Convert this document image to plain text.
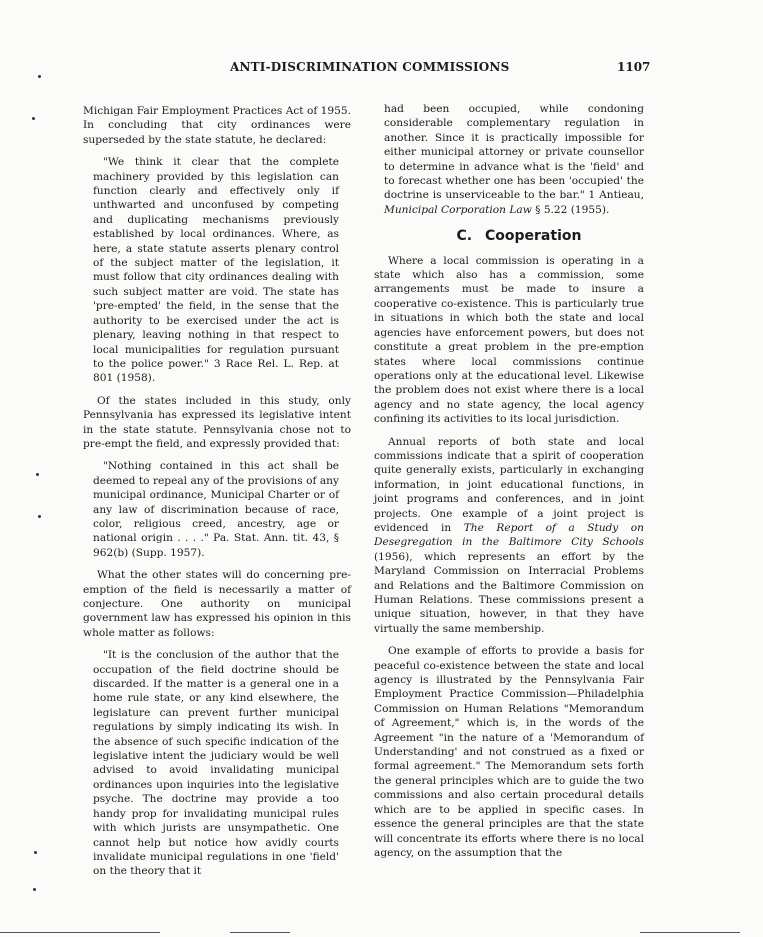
ANTI-DISCRIMINATION COMMISSIONS	1107

Michigan Fair Employment Practices Act of 1955. In concluding that city ordinances were superseded by the state statute, he declared:

"We think it clear that the complete machinery provided by this legislation can function clearly and effectively only if unthwarted and unconfused by competing and duplicating mechanisms previously established by local ordinances. Where, as here, a state statute asserts plenary control of the subject matter of the legislation, it must follow that city ordinances dealing with such subject matter are void. The state has 'pre-empted' the field, in the sense that the authority to be exercised under the act is plenary, leaving nothing in that respect to local municipalities for regulation pursuant to the police power." 3 Race Rel. L. Rep. at 801 (1958).

Of the states included in this study, only Pennsylvania has expressed its legislative intent in the state statute. Pennsylvania chose not to pre-empt the field, and expressly provided that:

"Nothing contained in this act shall be deemed to repeal any of the provisions of any municipal ordinance, Municipal Charter or of any law of discrimination because of race, color, religious creed, ancestry, age or national origin . . . ." Pa. Stat. Ann. tit. 43, § 962(b) (Supp. 1957).

What the other states will do concerning pre-emption of the field is necessarily a matter of conjecture. One authority on municipal government law has expressed his opinion in this whole matter as follows:

"It is the conclusion of the author that the occupation of the field doctrine should be discarded. If the matter is a general one in a home rule state, or any kind elsewhere, the legislature can prevent further municipal regulations by simply indicating its wish. In the absence of such specific indication of the legislative intent the judiciary would be well advised to avoid invalidating municipal ordinances upon inquiries into the legislative psyche. The doctrine may provide a too handy prop for invalidating municipal rules with which jurists are unsympathetic. One cannot help but notice how avidly courts invalidate municipal regulations in one 'field' on the theory that it

had been occupied, while condoning considerable complementary regulation in another. Since it is practically impossible for either municipal attorney or private counsellor to determine in advance what is the 'field' and to forecast whether one has been 'occupied' the doctrine is unserviceable to the bar." 1 Antieau, Municipal Corporation Law § 5.22 (1955).

C. Cooperation

Where a local commission is operating in a state which also has a commission, some arrangements must be made to insure a cooperative co-existence. This is particularly true in situations in which both the state and local agencies have enforcement powers, but does not constitute a great problem in the pre-emption states where local commissions continue operations only at the educational level. Likewise the problem does not exist where there is a local agency and no state agency, the local agency confining its activities to its local jurisdiction.

Annual reports of both state and local commissions indicate that a spirit of cooperation quite generally exists, particularly in exchanging information, in joint educational functions, in joint programs and conferences, and in joint projects. One example of a joint project is evidenced in The Report of a Study on Desegregation in the Baltimore City Schools (1956), which represents an effort by the Maryland Commission on Interracial Problems and Relations and the Baltimore Commission on Human Relations. These commissions present a unique situation, however, in that they have virtually the same membership.

One example of efforts to provide a basis for peaceful co-existence between the state and local agency is illustrated by the Pennsylvania Fair Employment Practice Commission—Philadelphia Commission on Human Relations "Memorandum of Agreement," which is, in the words of the Agreement "in the nature of a 'Memorandum of Understanding' and not construed as a fixed or formal agreement." The Memorandum sets forth the general principles which are to guide the two commissions and also certain procedural details which are to be applied in specific cases. In essence the general principles are that the state will concentrate its efforts where there is no local agency, on the assumption that the
